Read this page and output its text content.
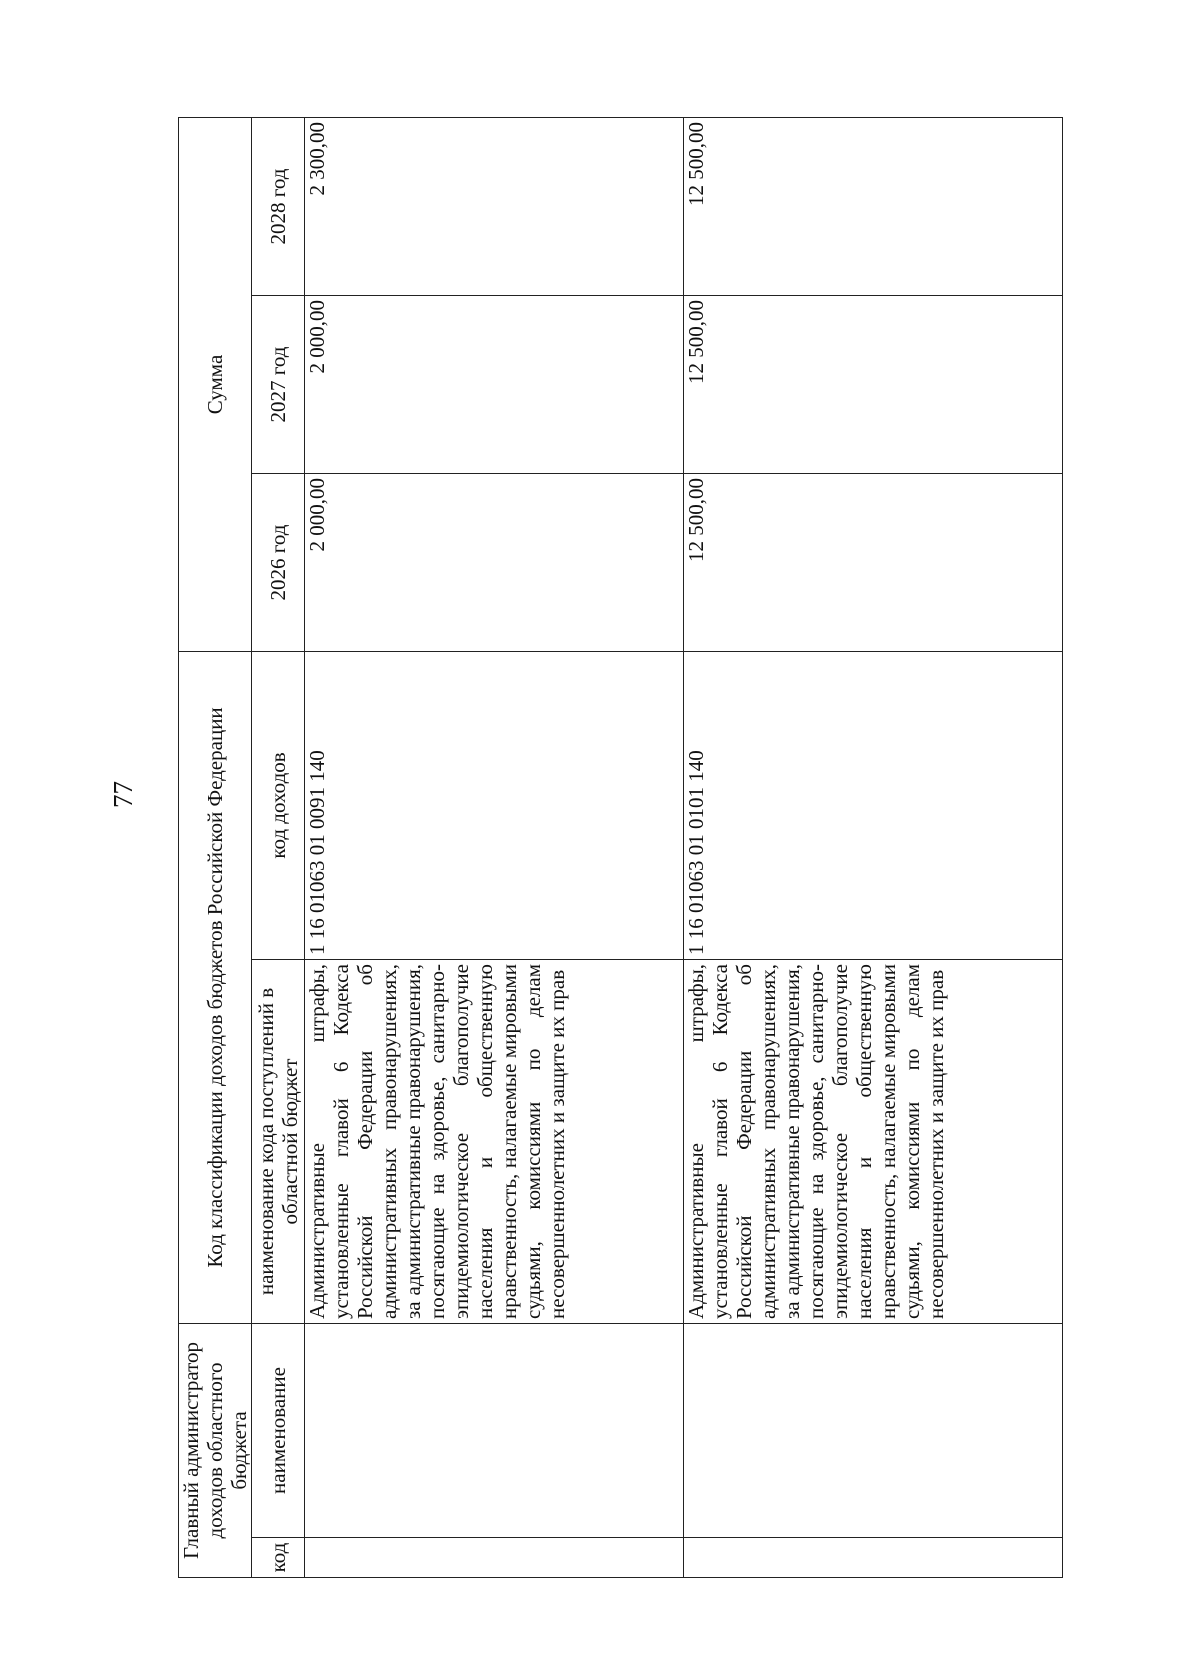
77
Главный администратор доходов областного бюджета		Код классификации доходов бюджетов Российской Федерации		Сумма		
код	наименование	наименование кода поступлений в областной бюджет	код доходов	2026 год	2027 год	2028 год
		Административные штрафы, установленные главой 6 Кодекса Российской Федерации об административных правонарушениях, за административные правонарушения, посягающие на здоровье, санитарно-эпидемиологическое благополучие населения и общественную нравственность, налагаемые мировыми судьями, комиссиями по делам несовершеннолетних и защите их прав	1 16 01063 01 0091 140	2 000,00	2 000,00	2 300,00
		Административные штрафы, установленные главой 6 Кодекса Российской Федерации об административных правонарушениях, за административные правонарушения, посягающие на здоровье, санитарно-эпидемиологическое благополучие населения и общественную нравственность, налагаемые мировыми судьями, комиссиями по делам несовершеннолетних и защите их прав	1 16 01063 01 0101 140	12 500,00	12 500,00	12 500,00
